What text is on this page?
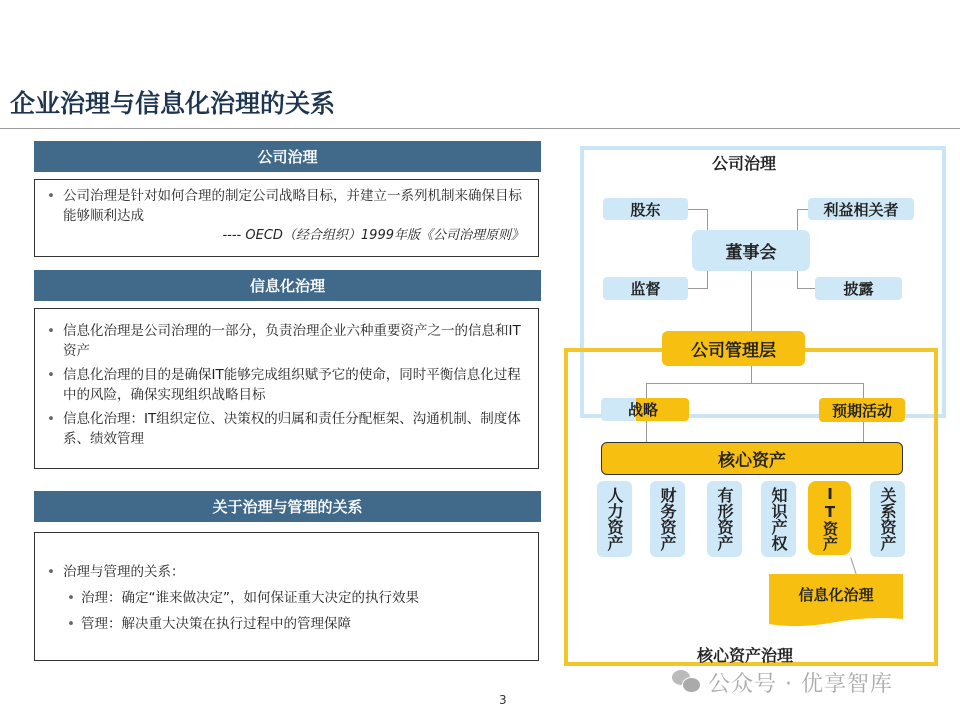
企业治理与信息化治理的关系
公司治理
• 公司治理是针对如何合理的制定公司战略目标，并建立一系列机制来确保目标能够顺利达成
---- OECD（经合组织）1999年版《公司治理原则》
信息化治理
• 信息化治理是公司治理的一部分，负责治理企业六种重要资产之一的信息和IT资产
• 信息化治理的目的是确保IT能够完成组织赋予它的使命，同时平衡信息化过程中的风险，确保实现组织战略目标
• 信息化治理：IT组织定位、决策权的归属和责任分配框架、沟通机制、制度体系、绩效管理
关于治理与管理的关系
• 治理与管理的关系：
• 治理：确定“谁来做决定”，如何保证重大决定的执行效果
• 管理：解决重大决策在执行过程中的管理保障
公司治理
股东	利益相关者
董事会
监督	披露
公司管理层
战略	预期活动
核心资产
人力资产 财务资产 有形资产 知识产权 IT资产 关系资产
信息化治理
核心资产治理
公众号 · 优享智库
3
